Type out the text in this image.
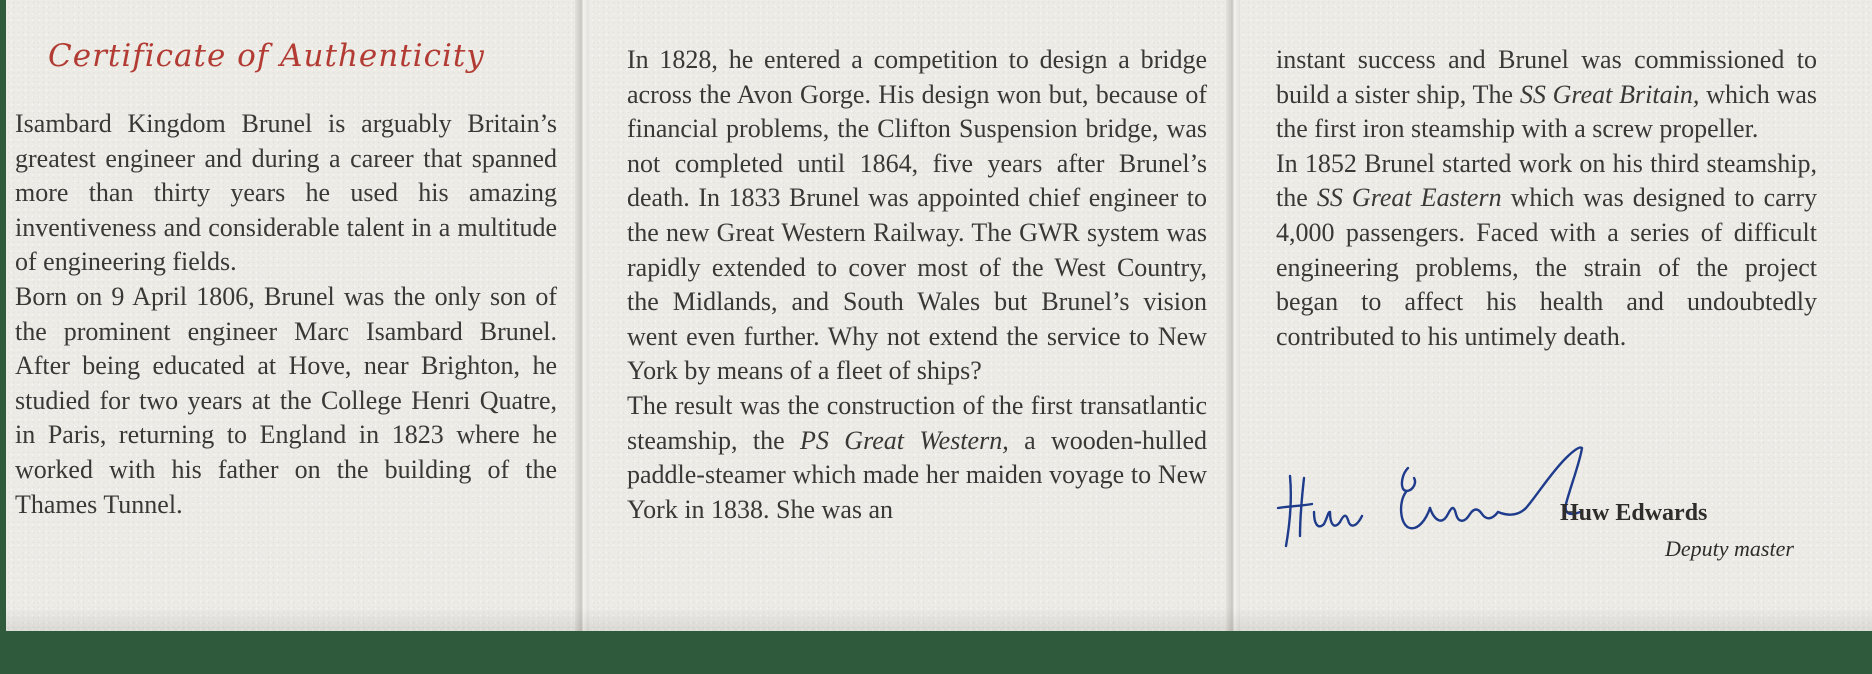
Certificate of Authenticity

Isambard Kingdom Brunel is arguably Britain’s greatest engineer and during a career that spanned more than thirty years he used his amazing inventiveness and considerable talent in a multitude of engineering fields.

Born on 9 April 1806, Brunel was the only son of the prominent engineer Marc Isambard Brunel. After being educated at Hove, near Brighton, he studied for two years at the College Henri Quatre, in Paris, returning to England in 1823 where he worked with his father on the building of the Thames Tunnel.

In 1828, he entered a competition to design a bridge across the Avon Gorge. His design won but, because of financial problems, the Clifton Suspension bridge, was not completed until 1864, five years after Brunel’s death. In 1833 Brunel was appointed chief engineer to the new Great Western Railway. The GWR system was rapidly extended to cover most of the West Country, the Midlands, and South Wales but Brunel’s vision went even further. Why not extend the service to New York by means of a fleet of ships?

The result was the construction of the first transatlantic steamship, the PS Great Western, a wooden-hulled paddle-steamer which made her maiden voyage to New York in 1838. She was an

instant success and Brunel was commissioned to build a sister ship, The SS Great Britain, which was the first iron steamship with a screw propeller.

In 1852 Brunel started work on his third steamship, the SS Great Eastern which was designed to carry 4,000 passengers. Faced with a series of difficult engineering problems, the strain of the project began to affect his health and undoubtedly contributed to his untimely death.

Huw Edwards
Deputy master
